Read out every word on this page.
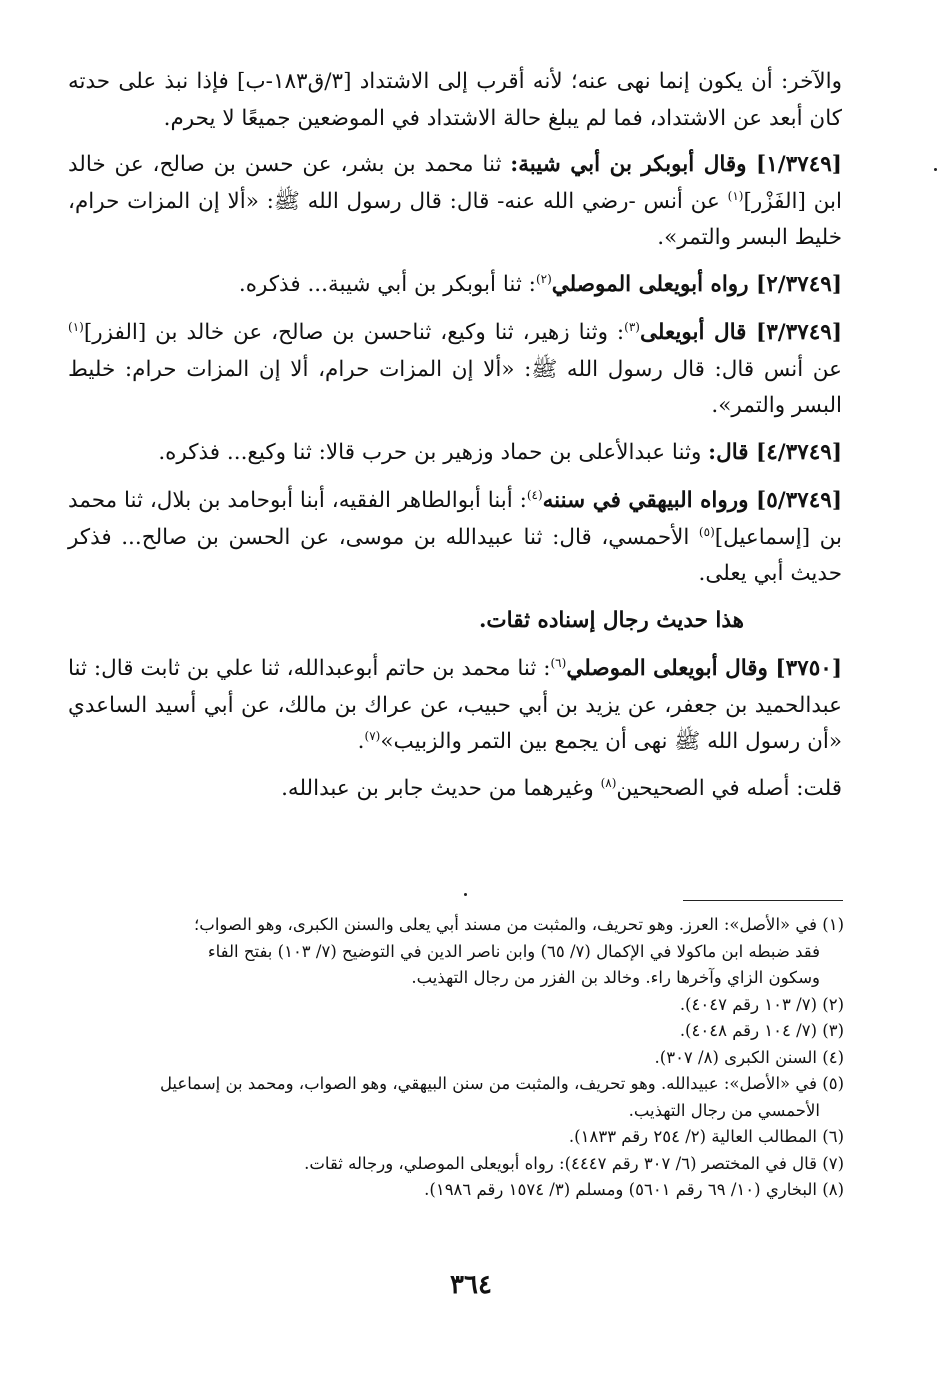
والآخر: أن يكون إنما نهى عنه؛ لأنه أقرب إلى الاشتداد [٣/ق١٨٣-ب] فإذا نبذ على حدته كان أبعد عن الاشتداد، فما لم يبلغ حالة الاشتداد في الموضعين جميعًا لا يحرم.

[١/٣٧٤٩] وقال أبوبكر بن أبي شيبة: ثنا محمد بن بشر، عن حسن بن صالح، عن خالد ابن [الفَزْر]$^{(١)}$ عن أنس -رضي الله عنه- قال: قال رسول الله ﷺ: «ألا إن المزات حرام، خليط البسر والتمر».

[٢/٣٧٤٩] رواه أبويعلى الموصلي$^{(٢)}$: ثنا أبوبكر بن أبي شيبة... فذكره.

[٣/٣٧٤٩] قال أبويعلى$^{(٣)}$: وثنا زهير، ثنا وكيع، ثناحسن بن صالح، عن خالد بن [الفزر]$^{(١)}$ عن أنس قال: قال رسول الله ﷺ: «ألا إن المزات حرام، ألا إن المزات حرام: خليط البسر والتمر».

[٤/٣٧٤٩] قال: وثنا عبدالأعلى بن حماد وزهير بن حرب قالا: ثنا وكيع... فذكره.

[٥/٣٧٤٩] ورواه البيهقي في سننه$^{(٤)}$: أبنا أبوالطاهر الفقيه، أبنا أبوحامد بن بلال، ثنا محمد بن [إسماعيل]$^{(٥)}$ الأحمسي، قال: ثنا عبيدالله بن موسى، عن الحسن بن صالح... فذكر حديث أبي يعلى.

هذا حديث رجال إسناده ثقات.

[٣٧٥٠] وقال أبويعلى الموصلي$^{(٦)}$: ثنا محمد بن حاتم أبوعبدالله، ثنا علي بن ثابت قال: ثنا عبدالحميد بن جعفر، عن يزيد بن أبي حبيب، عن عراك بن مالك، عن أبي أسيد الساعدي «أن رسول الله ﷺ نهى أن يجمع بين التمر والزبيب»$^{(٧)}$.

قلت: أصله في الصحيحين$^{(٨)}$ وغيرهما من حديث جابر بن عبدالله.

(١) في «الأصل»: العرز. وهو تحريف، والمثبت من مسند أبي يعلى والسنن الكبرى، وهو الصواب؛

فقد ضبطه ابن ماكولا في الإكمال (٧/ ٦٥) وابن ناصر الدين في التوضيح (٧/ ١٠٣) بفتح الفاء

وسكون الزاي وآخرها راء. وخالد بن الفزر من رجال التهذيب.

(٢) (٧/ ١٠٣ رقم ٤٠٤٧).

(٣) (٧/ ١٠٤ رقم ٤٠٤٨).

(٤) السنن الكبرى (٨/ ٣٠٧).

(٥) في «الأصل»: عبيدالله. وهو تحريف، والمثبت من سنن البيهقي، وهو الصواب، ومحمد بن إسماعيل

الأحمسي من رجال التهذيب.

(٦) المطالب العالية (٢/ ٢٥٤ رقم ١٨٣٣).

(٧) قال في المختصر (٦/ ٣٠٧ رقم ٤٤٤٧): رواه أبويعلى الموصلي، ورجاله ثقات.

(٨) البخاري (١٠/ ٦٩ رقم ٥٦٠١) ومسلم (٣/ ١٥٧٤ رقم ١٩٨٦).

٣٦٤
